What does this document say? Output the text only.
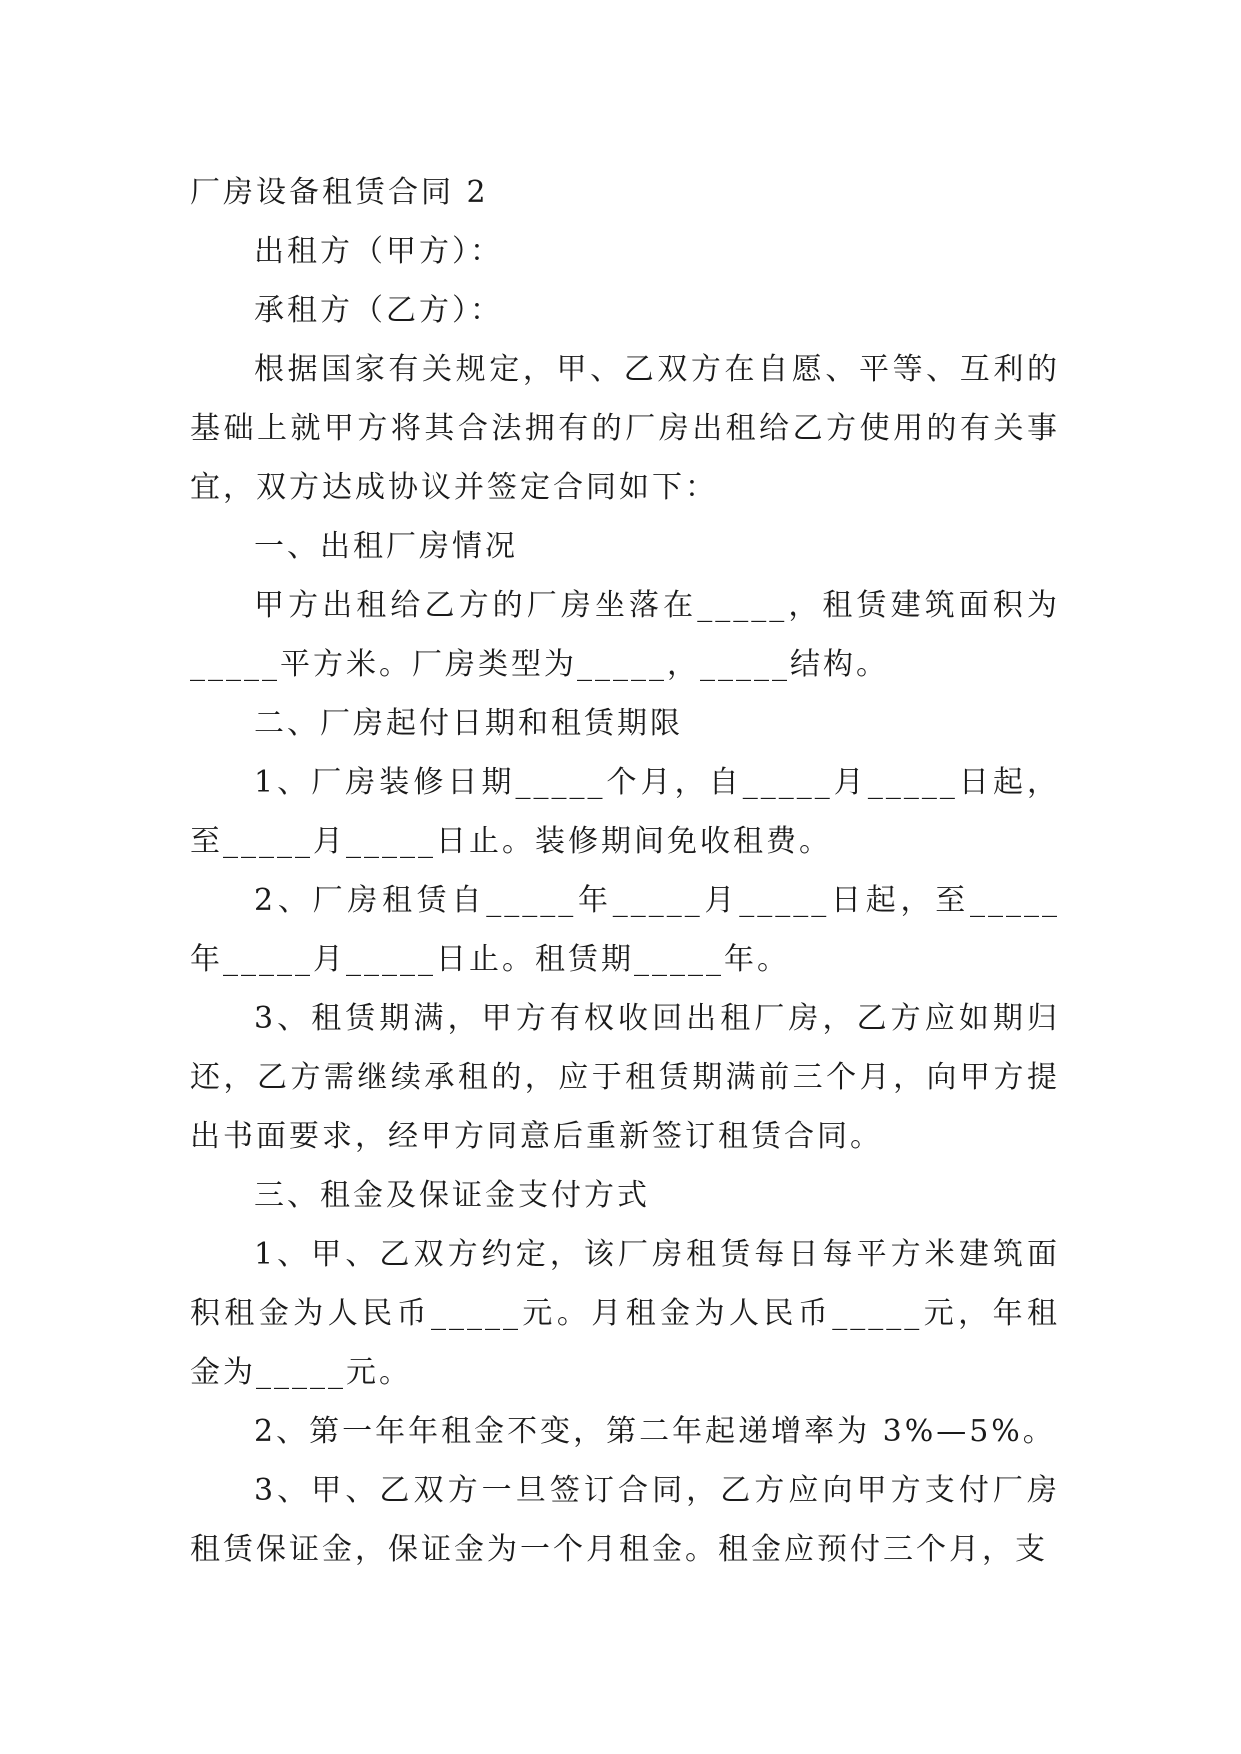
厂房设备租赁合同 2

出租方（甲方）：

承租方（乙方）：

根据国家有关规定，甲、乙双方在自愿、平等、互利的基础上就甲方将其合法拥有的厂房出租给乙方使用的有关事宜，双方达成协议并签定合同如下：

一、出租厂房情况

甲方出租给乙方的厂房坐落在_____，租赁建筑面积为_____平方米。厂房类型为_____，_____结构。

二、厂房起付日期和租赁期限

1、厂房装修日期_____个月，自_____月_____日起，至_____月_____日止。装修期间免收租费。

2、厂房租赁自_____年_____月_____日起，至_____年_____月_____日止。租赁期_____年。

3、租赁期满，甲方有权收回出租厂房，乙方应如期归还，乙方需继续承租的，应于租赁期满前三个月，向甲方提出书面要求，经甲方同意后重新签订租赁合同。

三、租金及保证金支付方式

1、甲、乙双方约定，该厂房租赁每日每平方米建筑面积租金为人民币_____元。月租金为人民币_____元，年租金为_____元。

2、第一年年租金不变，第二年起递增率为 3%—5%。

3、甲、乙双方一旦签订合同，乙方应向甲方支付厂房租赁保证金，保证金为一个月租金。租金应预付三个月，支
